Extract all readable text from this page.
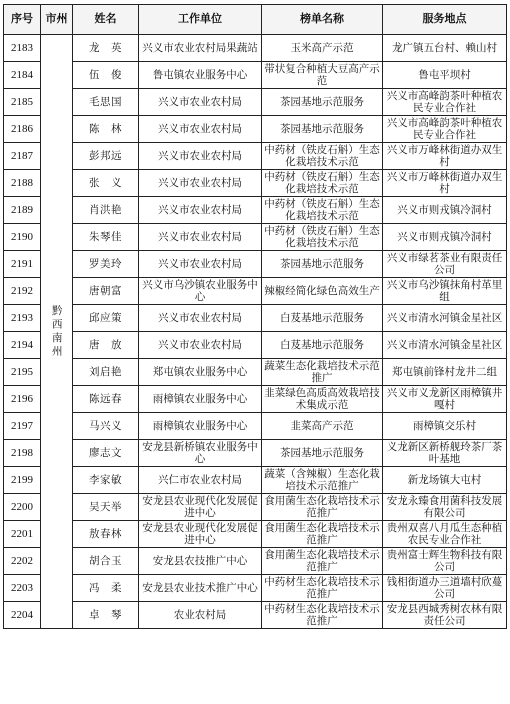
序号	市州	姓名	工作单位	榜单名称	服务地点
2183	黔西南州	龙　英	兴义市农业农村局果蔬站	玉米高产示范	龙广镇五台村、赖山村
2184		伍　俊	鲁屯镇农业服务中心	带状复合种植大豆高产示范	鲁屯平坝村
2185		毛思国	兴义市农业农村局	茶园基地示范服务	兴义市高峰韵茶叶种植农民专业合作社
2186		陈　林	兴义市农业农村局	茶园基地示范服务	兴义市高峰韵茶叶种植农民专业合作社
2187		彭邦远	兴义市农业农村局	中药材（铁皮石斛）生态化栽培技术示范	兴义市万峰林街道办双生村
2188		张　义	兴义市农业农村局	中药材（铁皮石斛）生态化栽培技术示范	兴义市万峰林街道办双生村
2189		肖洪艳	兴义市农业农村局	中药材（铁皮石斛）生态化栽培技术示范	兴义市则戎镇冷洞村
2190		朱琴佳	兴义市农业农村局	中药材（铁皮石斛）生态化栽培技术示范	兴义市则戎镇冷洞村
2191		罗美玲	兴义市农业农村局	茶园基地示范服务	兴义市绿茗茶业有限责任公司
2192		唐朝富	兴义市乌沙镇农业服务中心	辣椒经简化绿色高效生产	兴义市乌沙镇抹角村革里组
2193		邱应策	兴义市农业农村局	白芨基地示范服务	兴义市清水河镇金星社区
2194		唐　放	兴义市农业农村局	白芨基地示范服务	兴义市清水河镇金星社区
2195		刘启艳	郑屯镇农业服务中心	蔬菜生态化栽培技术示范推广	郑屯镇前锋村龙井二组
2196		陈远春	雨樟镇农业服务中心	韭菜绿色高质高效栽培技术集成示范	兴义市义龙新区雨樟镇井嘎村
2197		马兴义	雨樟镇农业服务中心	韭菜高产示范	雨樟镇交乐村
2198		廖志文	安龙县新桥镇农业服务中心	茶园基地示范服务	义龙新区新桥舰玲茶厂茶叶基地
2199		李家敏	兴仁市农业农村局	蔬菜（含辣椒）生态化栽培技术示范推广	新龙场镇大屯村
2200		吴天举	安龙县农业现代化发展促进中心	食用菌生态化栽培技术示范推广	安龙永臻食用菌科技发展有限公司
2201		敖春林	安龙县农业现代化发展促进中心	食用菌生态化栽培技术示范推广	贵州双喜八月瓜生态种植农民专业合作社
2202		胡合玉	安龙县农技推广中心	食用菌生态化栽培技术示范推广	贵州富士辉生物科技有限公司
2203		冯　柔	安龙县农业技术推广中心	中药材生态化栽培技术示范推广	钱相街道办三道墙村欣蔓公司
2204		卓　琴	农业农村局	中药材生态化栽培技术示范推广	安龙县西城秀树农林有限责任公司
